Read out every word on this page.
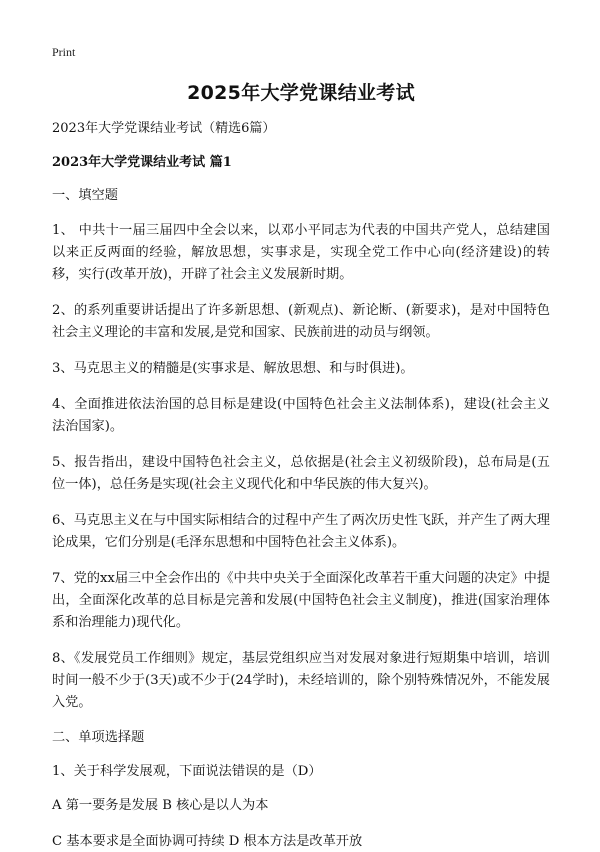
Print
2025年大学党课结业考试
2023年大学党课结业考试（精选6篇）
2023年大学党课结业考试 篇1
一、填空题
1、 中共十一届三届四中全会以来，以邓小平同志为代表的中国共产党人，总结建国以来正反两面的经验，解放思想，实事求是，实现全党工作中心向(经济建设)的转移，实行(改革开放)，开辟了社会主义发展新时期。
2、的系列重要讲话提出了许多新思想、(新观点)、新论断、(新要求)，是对中国特色社会主义理论的丰富和发展,是党和国家、民族前进的动员与纲领。
3、马克思主义的精髓是(实事求是、解放思想、和与时俱进)。
4、全面推进依法治国的总目标是建设(中国特色社会主义法制体系)，建设(社会主义法治国家)。
5、报告指出，建设中国特色社会主义，总依据是(社会主义初级阶段)，总布局是(五位一体)，总任务是实现(社会主义现代化和中华民族的伟大复兴)。
6、马克思主义在与中国实际相结合的过程中产生了两次历史性飞跃，并产生了两大理论成果，它们分别是(毛泽东思想和中国特色社会主义体系)。
7、党的xx届三中全会作出的《中共中央关于全面深化改革若干重大问题的决定》中提出，全面深化改革的总目标是完善和发展(中国特色社会主义制度)，推进(国家治理体系和治理能力)现代化。
8、《发展党员工作细则》规定，基层党组织应当对发展对象进行短期集中培训，培训时间一般不少于(3天)或不少于(24学时)，未经培训的，除个别特殊情况外，不能发展入党。
二、单项选择题
1、关于科学发展观，下面说法错误的是（D）
A 第一要务是发展 B 核心是以人为本
C 基本要求是全面协调可持续 D 根本方法是改革开放
